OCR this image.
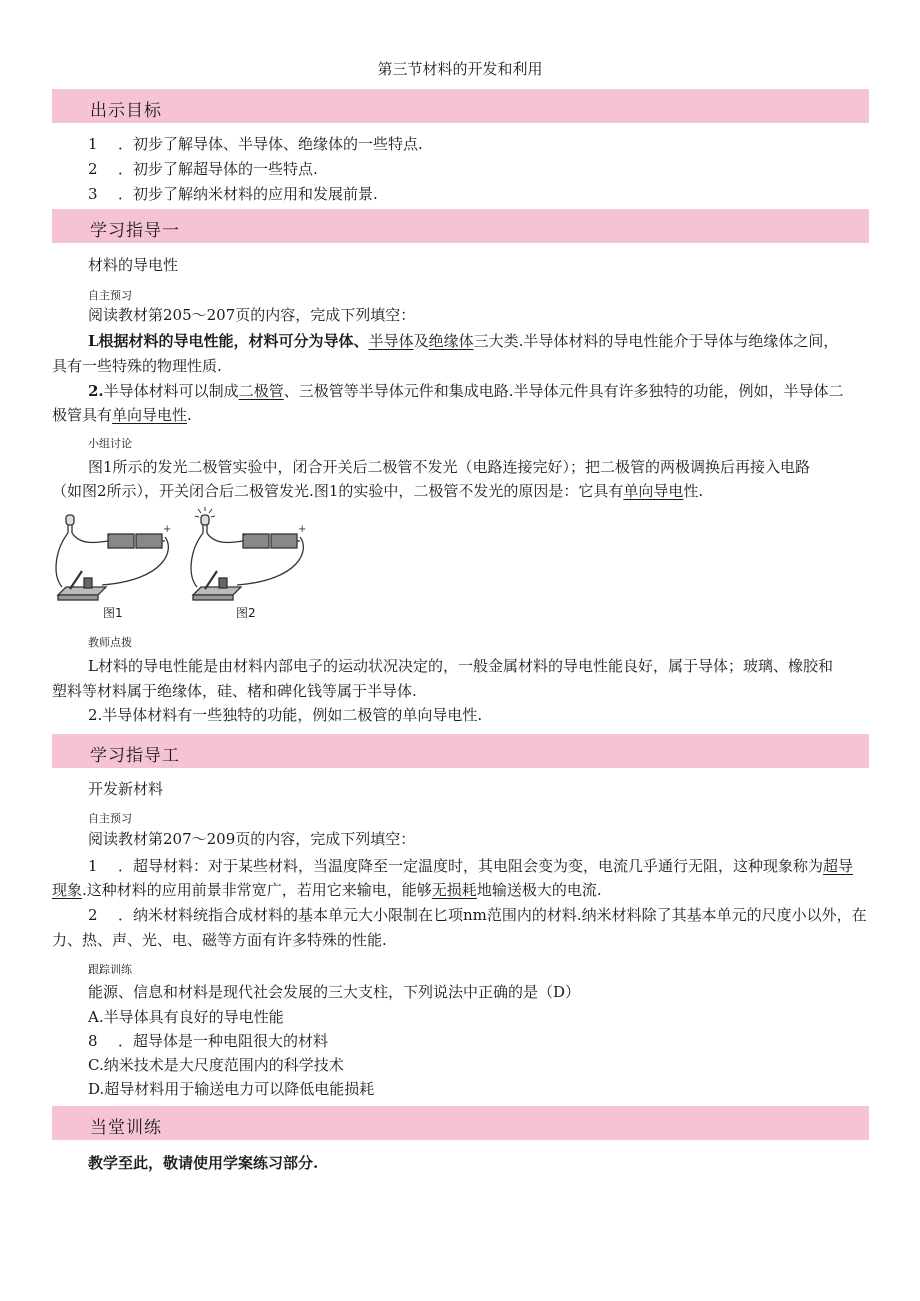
第三节材料的开发和利用
出示目标
1 ．初步了解导体、半导体、绝缘体的一些特点.
2 ．初步了解超导体的一些特点.
3 ．初步了解纳米材料的应用和发展前景.
学习指导一
材料的导电性
自主预习
阅读教材第205～207页的内容，完成下列填空：
L根据材料的导电性能，材料可分为导体、半导体及绝缘体三大类.半导体材料的导电性能介于导体与绝缘体之间，
具有一些特殊的物理性质.
2.半导体材料可以制成二极管、三极管等半导体元件和集成电路.半导体元件具有许多独特的功能，例如，半导体二
极管具有单向导电性.
小组讨论
图1所示的发光二极管实验中，闭合开关后二极管不发光（电路连接完好）；把二极管的两极调换后再接入电路
（如图2所示），开关闭合后二极管发光.图1的实验中，二极管不发光的原因是：它具有单向导电性.
-
+
图1
-
+
图2
教师点拨
L材料的导电性能是由材料内部电子的运动状况决定的，一般金属材料的导电性能良好，属于导体；玻璃、橡胶和
塑料等材料属于绝缘体，硅、楮和碑化钱等属于半导体.
2.半导体材料有一些独特的功能，例如二极管的单向导电性.
学习指导工
开发新材料
自主预习
阅读教材第207～209页的内容，完成下列填空：
1 ．超导材料：对于某些材料，当温度降至一定温度时，其电阻会变为变，电流几乎通行无阻，这种现象称为超导
现象.这种材料的应用前景非常宽广，若用它来输电，能够无损耗地输送极大的电流.
2 ．纳米材料统指合成材料的基本单元大小限制在匕项nm范围内的材料.纳米材料除了其基本单元的尺度小以外，在
力、热、声、光、电、磁等方面有许多特殊的性能.
跟踪训练
能源、信息和材料是现代社会发展的三大支柱，下列说法中正确的是（D）
A.半导体具有良好的导电性能
8 ．超导体是一种电阻很大的材料
C.纳米技术是大尺度范围内的科学技术
D.超导材料用于输送电力可以降低电能损耗
当堂训练
教学至此，敬请使用学案练习部分.
